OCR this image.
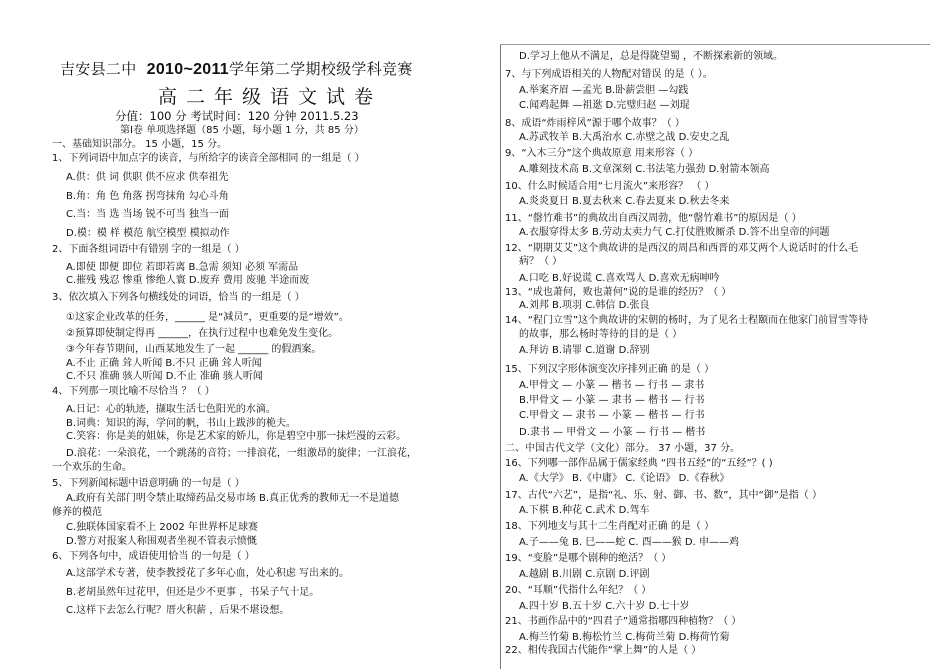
吉安县二中 2010~2011学年第二学期校级学科竞赛
高二年级语文试卷
分值：100 分 考试时间：120 分钟 2011.5.23
第Ⅰ卷 单项选择题（85 小题，每小题 1 分，共 85 分）
一、基础知识部分。 15 小题，15 分。
1、下列词语中加点字的读音，与所给字的读音全部相同 的一组是（ ）
A.供：供 词 供职 供不应求 供奉祖先
B.角：角 色 角落 拐弯抹角 勾心斗角
C.当：当 选 当场 锐不可当 独当一面
D.模：模 样 模范 航空模型 模拟动作
2、下面各组词语中有错别 字的一组是（ ）
A.即使 即便 即位 若即若离 B.急需 须知 必须 军需品
C.摧残 残忍 惨重 惨绝人寰 D.废弃 费用 废驰 半途而废
3、依次填入下列各句横线处的词语，恰当 的一组是（ ）
①这家企业改革的任务，______ 是“减员”，更重要的是“增效”。
②预算即使制定得再 ______，在执行过程中也难免发生变化。
③今年春节期间，山西某地发生了一起 ______ 的假酒案。
A.不止 正确 耸人听闻 B.不只 正确 耸人听闻
C.不只 准确 骇人听闻 D.不止 准确 骇人听闻
4、下列那一项比喻不尽恰当 ？（ ）
A.日记：心的轨迹，撷取生活七色阳光的水滴。
B.词典：知识的海，学问的帆，书山上跋涉的桅夫。
C.笑容：你是美的姐妹，你是艺术家的娇儿，你是碧空中那一抹烂漫的云彩。
D.浪花：一朵浪花，一个跳荡的音符；一排浪花，一组激昂的旋律；一江浪花，
一个欢乐的生命。
5、下列新闻标题中语意明确 的一句是（ ）
A.政府有关部门明令禁止取缔药品交易市场 B.真正优秀的教师无一不是道德
修养的模范
C.独联体国家看不上 2002 年世界杯足球赛
D.警方对报案人称围观者坐视不管表示愤慨
6、下列各句中，成语使用恰当 的一句是（ ）
A.这部学术专著，使李教授花了多年心血，处心积虑 写出来的。
B.老胡虽然年过花甲，但还是少不更事 ，书呆子气十足。
C.这样下去怎么行呢？厝火积薪 ，后果不堪设想。
D.学习上他从不满足，总是得陇望蜀 ，不断探索新的领域。
7、与下列成语相关的人物配对错误 的是（ ）。
A.举案齐眉 —孟光 B.卧薪尝胆 —勾践
C.闻鸡起舞 —祖逖 D.完璧归赵 —刘琨
8、成语“炸雨梓风”源于哪个故事？（ ）
A.苏武牧羊 B.大禹治水 C.赤壁之战 D.安史之乱
9、“入木三分”这个典故原意 用来形容（ ）
A.雕刻技术高 B.文章深刻 C.书法笔力强劲 D.射箭本领高
10、什么时候适合用“七月流火”来形容？ （ ）
A.炎炎夏日 B.夏去秋来 C.春去夏来 D.秋去冬来
11、“罄竹难书”的典故出自西汉周勃，他“罄竹难书”的原因是（ ）
A.衣服穿得太多 B.劳动太卖力气 C.打仗胜败厮杀 D.答不出皇帝的问题
12、“期期艾艾”这个典故讲的是西汉的周昌和西晋的邓艾两个人说话时的什么毛
病？（ ）
A.口吃 B.好说谎 C.喜欢骂人 D.喜欢无病呻吟
13、“成也萧何，败也萧何”说的是谁的经历？（ ）
A.刘邦 B.项羽 C.韩信 D.张良
14、“程门立雪”这个典故讲的宋朝的杨时，为了见名士程颐而在他家门前冒雪等待
的故事，那么杨时等待的目的是（ ）
A.拜访 B.请罪 C.道谢 D.辞别
15、下列汉字形体演变次序排列正确 的是（ ）
A.甲骨文 — 小篆 — 楷书 — 行书 — 隶书
B.甲骨文 — 小篆 — 隶书 — 楷书 — 行书
C.甲骨文 — 隶书 — 小篆 — 楷书 — 行书
D.隶书 — 甲骨文 — 小篆 — 行书 — 楷书
二、中国古代文学（文化）部分。 37 小题，37 分。
16、下列哪一部作品属于儒家经典 “四书五经”的“五经”？( )
A.《大学》 B.《中庸》 C.《论语》 D.《春秋》
17、古代“六艺”，是指“礼、乐、射、御、书、数”，其中“御”是指（ ）
A.下棋 B.种花 C.武术 D.驾车
18、下列地支与其十二生肖配对正确 的是（ ）
A.子——兔 B. 巳——蛇 C. 酉——猴 D. 申——鸡
19、“变脸”是哪个剧种的绝活？（ ）
A.越剧 B.川剧 C.京剧 D.评剧
20、“耳顺”代指什么年纪？（ ）
A.四十岁 B.五十岁 C.六十岁 D.七十岁
21、书画作品中的“四君子”通常指哪四种植物？（ ）
A.梅兰竹菊 B.梅松竹兰 C.梅荷兰菊 D.梅荷竹菊
22、相传我国古代能作“掌上舞”的人是（ ）
